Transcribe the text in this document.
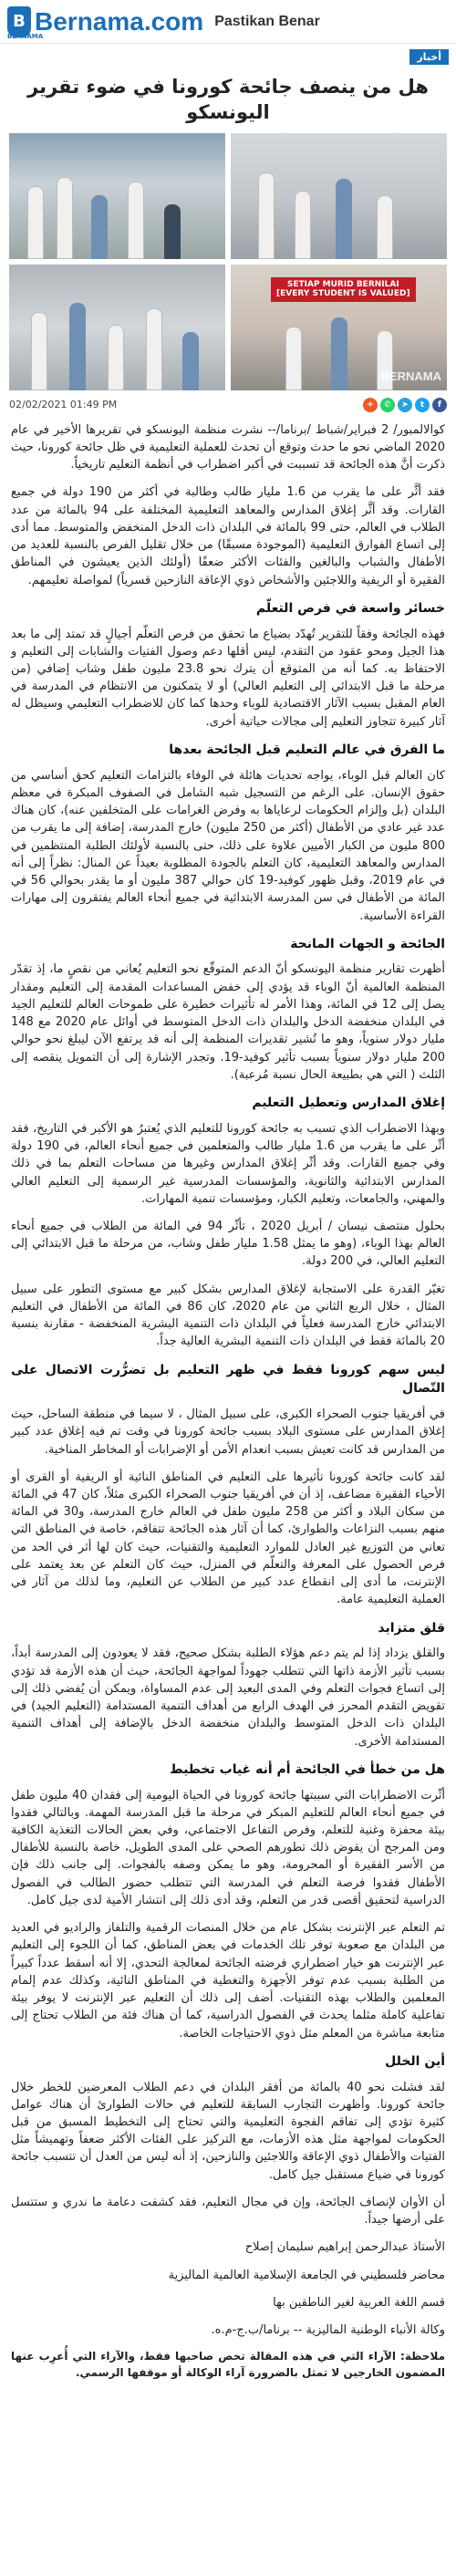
B Bernama.com Pastikan Benar
BERNAMA
أخبار
هل من ينصف جائحة كورونا في ضوء تقرير اليونسكو
SETIAP MURID BERNILAI
[EVERY STUDENT IS VALUED]
BERNAMA
02/02/2021 01:49 PM	+	✆	➤	t	f

كوالالمبور/ 2 فبراير/شباط /برناما/-- نشرت منظمة اليونسكو في تقريرها الأخير في عام 2020 الماضي نحو ما حدث وتوقع أن تحدث للعملية التعليمية في ظل جائحة كورونا، حيث ذكرت أنَّ هذه الجائحة قد تسببت في أكبر اضطراب في أنظمة التعليم تاريخياً.

فقد أثَّر على ما يقرب من 1.6 مليار طالب وطالبة في أكثر من 190 دولة في جميع القارات. وقد أثَّر إغلاق المدارس والمعاهد التعليمية المختلفة على 94 بالمائة من عدد الطلاب في العالم، حتى 99 بالمائة في البلدان ذات الدخل المنخفض والمتوسط. مما أدى إلى اتساع الفوارق التعليمية (الموجودة مسبقًا) من خلال تقليل الفرص بالنسبة للعديد من الأطفال والشباب والبالغين والفئات الأكثر ضعفًا (أولئك الذين يعيشون في المناطق الفقيرة أو الريفية واللاجئين والأشخاص ذوي الإعاقة النازحين قسرياً) لمواصلة تعليمهم.

خسائر واسعة في فرص التعلّم

فهذه الجائحة وفقاً للتقرير تُهدّد بضياع ما تحقق من فرص التعلّم أجيالٍ قد تمتد إلى ما بعد هذا الجيل ومحو عقود من التقدم، ليس أقلها دعم وصول الفتيات والشابات إلى التعليم و الاحتفاظ به. كما أنه من المتوقع أن يترك نحو 23.8 مليون طفل وشاب إضافي (من مرحلة ما قبل الابتدائي إلى التعليم العالي) أو لا يتمكنون من الانتظام في المدرسة في العام المقبل بسبب الآثار الاقتصادية للوباء وحدها كما كان للاضطراب التعليمي وسيظل له آثار كبيرة تتجاوز التعليم إلى مجالات حياتية أخرى.

ما الفرق في عالم التعليم قبل الجائحة بعدها

كان العالم قبل الوباء، يواجه تحديات هائلة في الوفاء بالتزامات التعليم كحق أساسي من حقوق الإنسان. على الرغم من التسجيل شبه الشامل في الصفوف المبكرة في معظم البلدان (بل وإلزام الحكومات لرعاياها به وفرض الغرامات على المتخلفين عنه)، كان هناك عدد غير عادي من الأطفال (أكثر من 250 مليون) خارج المدرسة، إضافة إلى ما يقرب من 800 مليون من الكبار الأميين علاوة على ذلك، حتى بالنسبة لأولئك الطلبة المنتظمين في المدارس والمعاهد التعليمية، كان التعلم بالجودة المطلوبة بعيداً عن المنال: نظراً إلى أنه في عام 2019، وقبل ظهور كوفيد-19 كان حوالي 387 مليون أو ما يقدر بحوالي 56 في المائة من الأطفال في سن المدرسة الابتدائية في جميع أنحاء العالم يفتقرون إلى مهارات القراءة الأساسية.

الجائحة و الجهات المانحة

أظهرت تقارير منظمة اليونسكو أنّ الدعم المتوقّع نحو التعليم يُعاني من نقصٍ ما، إذ تقدّر المنظمة العالمية أنّ الوباء قد يؤدي إلى خفض المساعدات المقدمة إلى التعليم ومقدار يصل إلى 12 في المائة، وهذا الأمر له تأثيرات خطيرة على طموحات العالم للتعليم الجيد في البلدان منخفضة الدخل والبلدان ذات الدخل المتوسط في أوائل عام 2020 مع 148 مليار دولار سنوياً، وهو ما تُشير تقديرات المنظمة إلى أنه قد يرتفع الآن ليبلغ نحو حوالي 200 مليار دولار سنوياً بسبب تأثير كوفيد-19. وتجدر الإشارة إلى أن التمويل ينقصه إلى الثلث ( التي هي بطبيعة الحال نسبة مُرعبة).

إغلاق المدارس وتعطيل التعليم

وبهذا الاضطراب الذي تسبب به جائحة كورونا للتعليم الذي يُعتبرُ هو الأكبر في التاريخ، فقد أثّر على ما يقرب من 1.6 مليار طالب والمتعلمين في جميع أنحاء العالم، في 190 دولة وفي جميع القارات. وقد أثّر إغلاق المدارس وغيرها من مساحات التعلم بما في ذلك المدارس الابتدائية والثانوية، والمؤسسات المدرسية غير الرسمية إلى التعليم العالي والمهني، والجامعات، وتعليم الكبار، ومؤسسات تنمية المهارات.

بحلول منتصف نيسان / أبريل 2020 ، تأثّر 94 في المائة من الطلاب في جميع أنحاء العالم بهذا الوباء، (وهو ما يمثل 1.58 مليار طفل وشاب، من مرحلة ما قبل الابتدائي إلى التعليم العالي، في 200 دولة.

تغيّر القدرة على الاستجابة لإغلاق المدارس بشكل كبير مع مستوى التطور على سبيل المثال ، خلال الربع الثاني من عام 2020، كان 86 في المائة من الأطفال في التعليم الابتدائي خارج المدرسة فعلياً في البلدان ذات التنمية البشرية المنخفضة - مقارنة بنسبة 20 بالمائة فقط في البلدان ذات التنمية البشرية العالية جداً.

ليس سهم كورونا فقط في ظهر التعليم بل تضرُّرت الاتصال على التّصال

في أفريقيا جنوب الصحراء الكبرى، على سبيل المثال ، لا سيما في منطقة الساحل، حيث إغلاق المدارس على مستوى البلاد بسبب جائحة كورونا في وقت تم فيه إغلاق عدد كبير من المدارس قد كانت تعيش بسبب انعدام الأمن أو الإضرابات أو المخاطر المناخية.

لقد كانت جائحة كورونا تأثيرها على التعليم في المناطق النائية أو الريفية أو القرى أو الأحياء الفقيرة مضاعف، إذ أن في أفريقيا جنوب الصحراء الكبرى مثلاً، كان 47 في المائة من سكان البلاد و أكثر من 258 مليون طفل في العالم خارج المدرسة، و30 في المائة منهم بسبب النزاعات والطوارئ، كما أن آثار هذه الجائحة تتفاقم، خاصة في المناطق التي تعاني من التوزيع غير العادل للموارد التعليمية والتقنيات، حيث كان لها أثر في الحد من فرص الحصول على المعرفة والتعلّم في المنزل، حيث كان التعلم عن بعد يعتمد على الإنترنت، ما أدى إلى انقطاع عدد كبير من الطلاب عن التعليم، وما لذلك من آثار في العملية التعليمية عامة.

قلق متزايد

والقلق يزداد إذا لم يتم دعم هؤلاء الطلبة بشكل صحيح، فقد لا يعودون إلى المدرسة أبداً، بسبب تأثير الأزمة ذاتها التي تتطلب جهوداً لمواجهة الجائحة، حيث أن هذه الأزمة قد تؤدي إلى اتساع فجوات التعلم وفي المدى البعيد إلى عدم المساواة، ويمكن أن يُفضي ذلك إلى تقويض التقدم المحرز في الهدف الرابع من أهداف التنمية المستدامة (التعليم الجيد) في البلدان ذات الدخل المتوسط والبلدان منخفضة الدخل بالإضافة إلى أهداف التنمية المستدامة الأخرى.

هل من خطأ في الجائحة أم أنه غياب تخطيط

أثّرت الاضطرابات التي سببتها جائحة كورونا في الحياة اليومية إلى فقدان 40 مليون طفل في جميع أنحاء العالم للتعليم المبكر في مرحلة ما قبل المدرسة المهمة. وبالتالي فقدوا بيئة محفزة وغنية للتعلم، وفرص التفاعل الاجتماعي، وفي بعض الحالات التغذية الكافية ومن المرجح أن يقوض ذلك تطورهم الصحي على المدى الطويل، خاصة بالنسبة للأطفال من الأسر الفقيرة أو المحرومة، وهو ما يمكن وصفه بالفجوات. إلى جانب ذلك فإن الأطفال فقدوا فرصة التعلم في المدرسة التي تتطلب حضور الطالب في الفصول الدراسية لتحقيق أقصى قدر من التعلم، وقد أدى ذلك إلى انتشار الأمية لدى جيل كامل.

تم التعلم عبر الإنترنت بشكل عام من خلال المنصات الرقمية والتلفاز والراديو في العديد من البلدان مع صعوبة توفر تلك الخدمات في بعض المناطق، كما أن اللجوء إلى التعليم عبر الإنترنت هو خيار اضطراري فرضته الجائحة لمعالجة التحدي، إلا أنه أسقط عدداً كبيراً من الطلبة بسبب عدم توفر الأجهزة والتغطية في المناطق النائية، وكذلك عدم إلمام المعلمين والطلاب بهذه التقنيات. أضف إلى ذلك أن التعليم عبر الإنترنت لا يوفر بيئة تفاعلية كاملة مثلما يحدث في الفصول الدراسية، كما أن هناك فئة من الطلاب تحتاج إلى متابعة مباشرة من المعلم مثل ذوي الاحتياجات الخاصة.

أين الخلل

لقد فشلت نحو 40 بالمائة من أفقر البلدان في دعم الطلاب المعرضين للخطر خلال جائحة كورونا. وأظهرت التجارب السابقة للتعليم في حالات الطوارئ أن هناك عوامل كثيرة تؤدي إلى تفاقم الفجوة التعليمية والتي تحتاج إلى التخطيط المسبق من قبل الحكومات لمواجهة مثل هذه الأزمات، مع التركيز على الفئات الأكثر ضعفاً وتهميشاً مثل الفتيات والأطفال ذوي الإعاقة واللاجئين والنازحين، إذ أنه ليس من العدل أن تتسبب جائحة كورونا في ضياع مستقبل جيل كامل.

أن الأوان لإنصاف الجائحة، وإن في مجال التعليم، فقد كشفت دعامة ما ندري و ستتسل على أرضها جيداً.

الأستاذ عبدالرحمن إبراهيم سليمان إصلاح

محاضر فلسطيني في الجامعة الإسلامية العالمية الماليزية

قسم اللغة العربية لغير الناطقين بها

وكالة الأنباء الوطنية الماليزية -- برناما/ب.ج-م.ه.

ملاحظة: الآراء التي في هذه المقالة تخص صاحبها فقط، والآراء التي أُعرِب عنها المضمون الخارجين لا تمثل بالضرورة آراء الوكالة أو موقفها الرسمي.
